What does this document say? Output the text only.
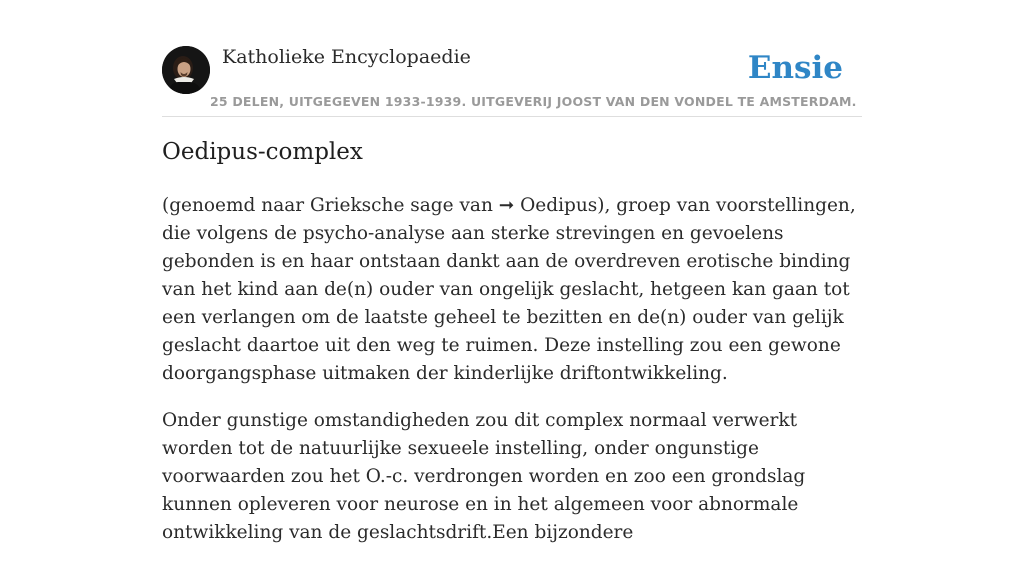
Katholieke Encyclopaedie
25 DELEN, UITGEGEVEN 1933-1939. UITGEVERIJ JOOST VAN DEN VONDEL TE AMSTERDAM.
Ensie
Oedipus-complex

(genoemd naar Grieksche sage van ➞ Oedipus), groep van voorstellingen, die volgens de psycho-analyse aan sterke strevingen en gevoelens gebonden is en haar ontstaan dankt aan de overdreven erotische binding van het kind aan de(n) ouder van ongelijk geslacht, hetgeen kan gaan tot een verlangen om de laatste geheel te bezitten en de(n) ouder van gelijk geslacht daartoe uit den weg te ruimen. Deze instelling zou een gewone doorgangsphase uitmaken der kinderlijke driftontwikkeling.

Onder gunstige omstandigheden zou dit complex normaal verwerkt worden tot de natuurlijke sexueele instelling, onder ongunstige voorwaarden zou het O.-c. verdrongen worden en zoo een grondslag kunnen opleveren voor neurose en in het algemeen voor abnormale ontwikkeling van de geslachtsdrift.Een bijzondere
